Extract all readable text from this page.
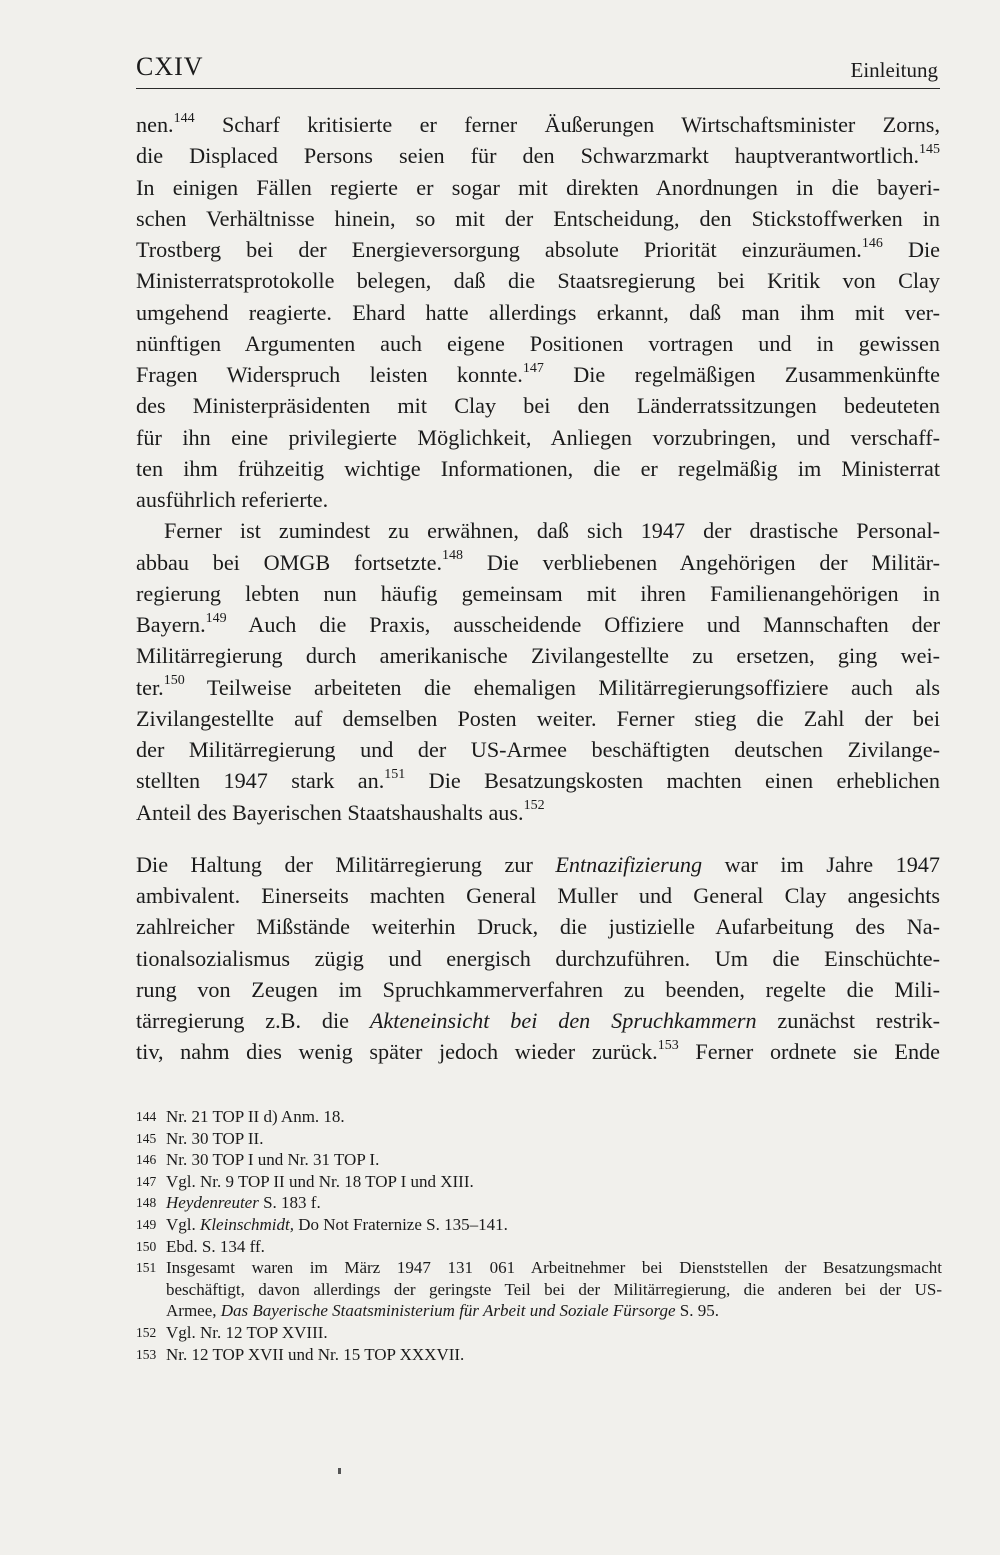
CXIV	Einleitung
nen.$^{144}$ Scharf kritisierte er ferner Äußerungen Wirtschaftsminister Zorns,
die Displaced Persons seien für den Schwarzmarkt hauptverantwortlich.$^{145}$
In einigen Fällen regierte er sogar mit direkten Anordnungen in die bayeri-
schen Verhältnisse hinein, so mit der Entscheidung, den Stickstoffwerken in
Trostberg bei der Energieversorgung absolute Priorität einzuräumen.$^{146}$ Die
Ministerratsprotokolle belegen, daß die Staatsregierung bei Kritik von Clay
umgehend reagierte. Ehard hatte allerdings erkannt, daß man ihm mit ver-
nünftigen Argumenten auch eigene Positionen vortragen und in gewissen
Fragen Widerspruch leisten konnte.$^{147}$ Die regelmäßigen Zusammenkünfte
des Ministerpräsidenten mit Clay bei den Länderratssitzungen bedeuteten
für ihn eine privilegierte Möglichkeit, Anliegen vorzubringen, und verschaff-
ten ihm frühzeitig wichtige Informationen, die er regelmäßig im Ministerrat
ausführlich referierte.
Ferner ist zumindest zu erwähnen, daß sich 1947 der drastische Personal-
abbau bei OMGB fortsetzte.$^{148}$ Die verbliebenen Angehörigen der Militär-
regierung lebten nun häufig gemeinsam mit ihren Familienangehörigen in
Bayern.$^{149}$ Auch die Praxis, ausscheidende Offiziere und Mannschaften der
Militärregierung durch amerikanische Zivilangestellte zu ersetzen, ging wei-
ter.$^{150}$ Teilweise arbeiteten die ehemaligen Militärregierungsoffiziere auch als
Zivilangestellte auf demselben Posten weiter. Ferner stieg die Zahl der bei
der Militärregierung und der US-Armee beschäftigten deutschen Zivilange-
stellten 1947 stark an.$^{151}$ Die Besatzungskosten machten einen erheblichen
Anteil des Bayerischen Staatshaushalts aus.$^{152}$
Die Haltung der Militärregierung zur Entnazifizierung war im Jahre 1947
ambivalent. Einerseits machten General Muller und General Clay angesichts
zahlreicher Mißstände weiterhin Druck, die justizielle Aufarbeitung des Na-
tionalsozialismus zügig und energisch durchzuführen. Um die Einschüchte-
rung von Zeugen im Spruchkammerverfahren zu beenden, regelte die Mili-
tärregierung z.B. die Akteneinsicht bei den Spruchkammern zunächst restrik-
tiv, nahm dies wenig später jedoch wieder zurück.$^{153}$ Ferner ordnete sie Ende
144 Nr. 21 TOP II d) Anm. 18.
145 Nr. 30 TOP II.
146 Nr. 30 TOP I und Nr. 31 TOP I.
147 Vgl. Nr. 9 TOP II und Nr. 18 TOP I und XIII.
148 Heydenreuter S. 183 f.
149 Vgl. Kleinschmidt, Do Not Fraternize S. 135–141.
150 Ebd. S. 134 ff.
151 Insgesamt waren im März 1947 131 061 Arbeitnehmer bei Dienststellen der Besatzungsmacht
beschäftigt, davon allerdings der geringste Teil bei der Militärregierung, die anderen bei der US-
Armee, Das Bayerische Staatsministerium für Arbeit und Soziale Fürsorge S. 95.
152 Vgl. Nr. 12 TOP XVIII.
153 Nr. 12 TOP XVII und Nr. 15 TOP XXXVII.
